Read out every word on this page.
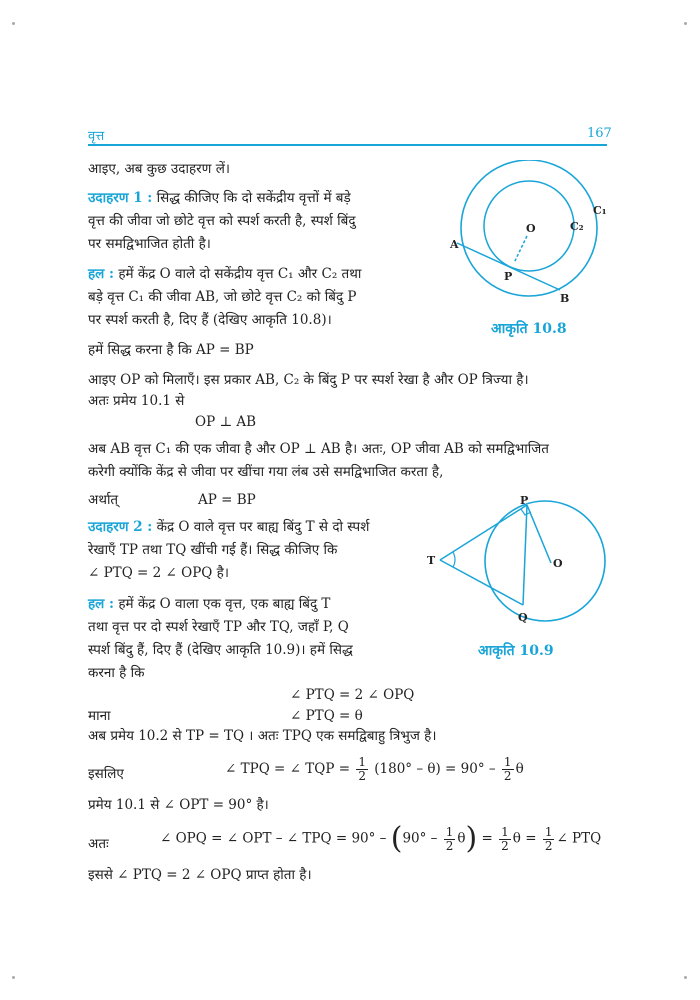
वृत्त	167
आइए, अब कुछ उदाहरण लें।
उदाहरण 1 : सिद्ध कीजिए कि दो सकेंद्रीय वृत्तों में बड़े
वृत्त की जीवा जो छोटे वृत्त को स्पर्श करती है, स्पर्श बिंदु
पर समद्विभाजित होती है।
हल : हमें केंद्र O वाले दो सकेंद्रीय वृत्त C₁ और C₂ तथा
बड़े वृत्त C₁ की जीवा AB, जो छोटे वृत्त C₂ को बिंदु P
पर स्पर्श करती है, दिए हैं (देखिए आकृति 10.8)।
हमें सिद्ध करना है कि AP = BP
आइए OP को मिलाएँ। इस प्रकार AB, C₂ के बिंदु P पर स्पर्श रेखा है और OP त्रिज्या है।
अतः प्रमेय 10.1 से
OP ⊥ AB
अब AB वृत्त C₁ की एक जीवा है और OP ⊥ AB है। अतः, OP जीवा AB को समद्विभाजित
करेगी क्योंकि केंद्र से जीवा पर खींचा गया लंब उसे समद्विभाजित करता है,
अर्थात्	AP = BP
O	C₂
C₁
A
P
B
आकृति 10.8
उदाहरण 2 : केंद्र O वाले वृत्त पर बाह्य बिंदु T से दो स्पर्श
रेखाएँ TP तथा TQ खींची गई हैं। सिद्ध कीजिए कि
∠ PTQ = 2 ∠ OPQ है।
हल : हमें केंद्र O वाला एक वृत्त, एक बाह्य बिंदु T
तथा वृत्त पर दो स्पर्श रेखाएँ TP और TQ, जहाँ P, Q
स्पर्श बिंदु हैं, दिए हैं (देखिए आकृति 10.9)। हमें सिद्ध
करना है कि
P
T	O
Q
आकृति 10.9
∠ PTQ = 2 ∠ OPQ
माना	∠ PTQ = θ
अब प्रमेय 10.2 से TP = TQ । अतः TPQ एक समद्विबाहु त्रिभुज है।
इसलिए	∠ TPQ = ∠ TQP = $\frac{1}{2} (180^\circ - \theta) = 90^\circ - \frac{1}{2}$ θ
प्रमेय 10.1 से ∠ OPT = 90° है।
अतः	∠ OPQ = ∠ OPT – ∠ TPQ = $90^\circ - (90^\circ - \frac{1}{2} \theta) = \frac{1}{2}$ $\theta = \frac{1}{2}$ ∠ PTQ
इससे ∠ PTQ = 2 ∠ OPQ प्राप्त होता है।
